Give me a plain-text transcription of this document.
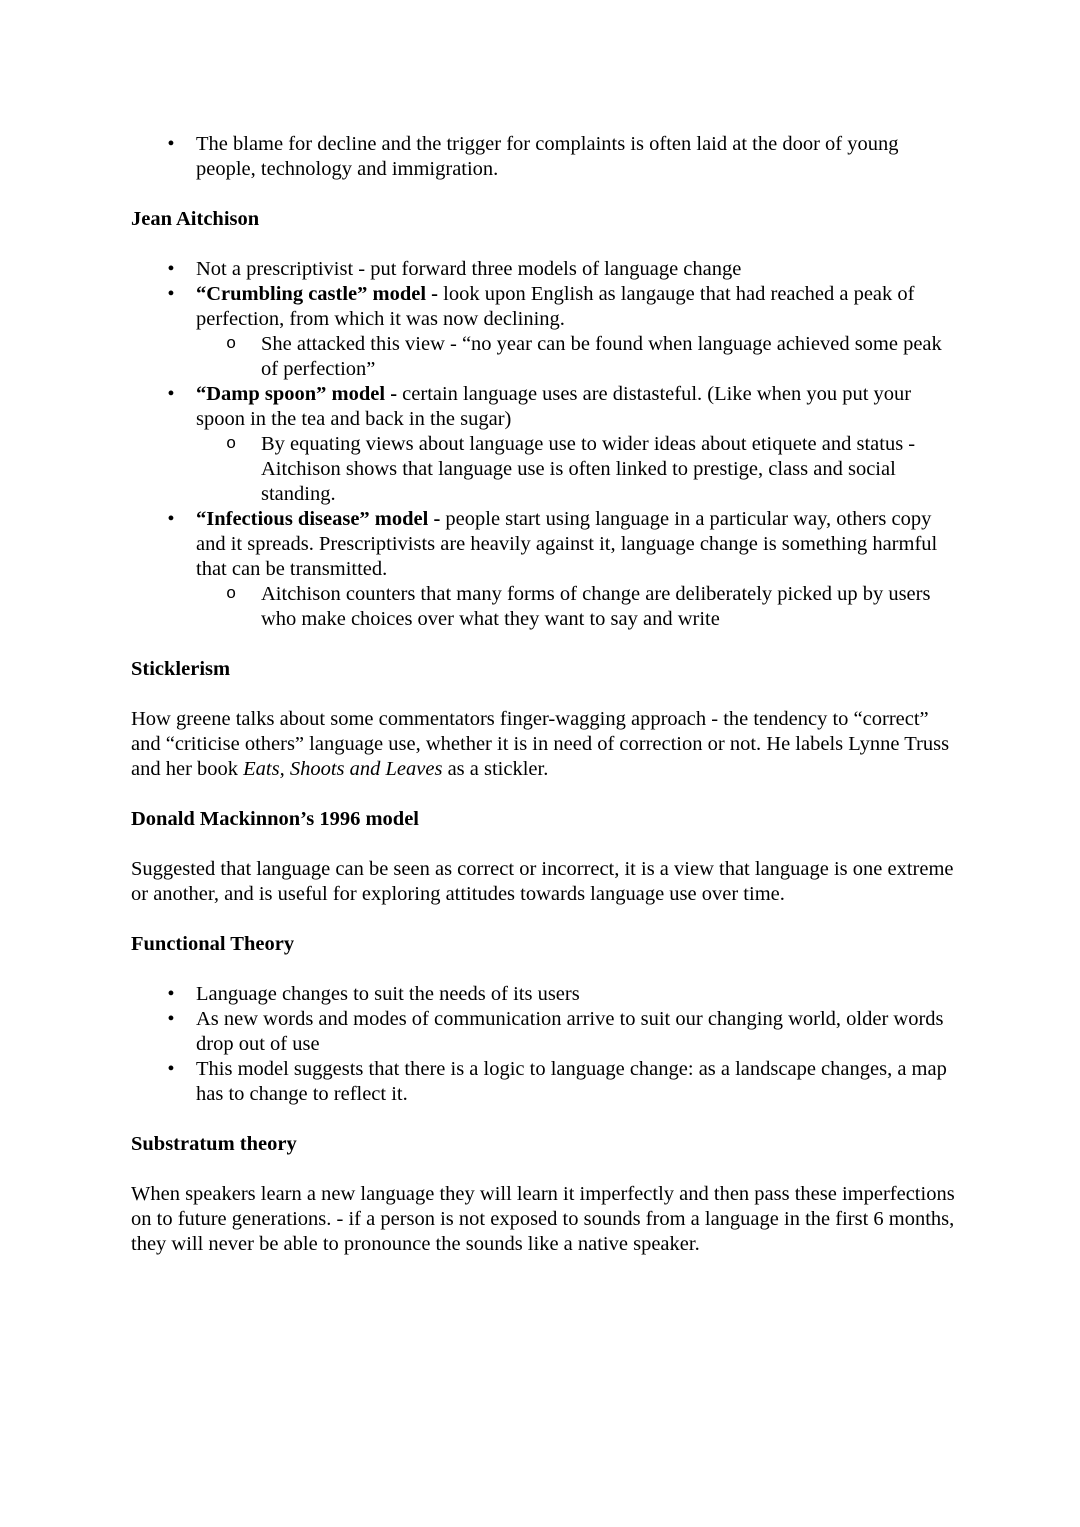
• The blame for decline and the trigger for complaints is often laid at the door of young people, technology and immigration.

Jean Aitchison

• Not a prescriptivist - put forward three models of language change
• “Crumbling castle” model - look upon English as langauge that had reached a peak of perfection, from which it was now declining.
o She attacked this view - “no year can be found when language achieved some peak of perfection”
• “Damp spoon” model - certain language uses are distasteful. (Like when you put your spoon in the tea and back in the sugar)
o By equating views about language use to wider ideas about etiquete and status - Aitchison shows that language use is often linked to prestige, class and social standing.
• “Infectious disease” model - people start using language in a particular way, others copy and it spreads. Prescriptivists are heavily against it, language change is something harmful that can be transmitted.
o Aitchison counters that many forms of change are deliberately picked up by users who make choices over what they want to say and write

Sticklerism

How greene talks about some commentators finger-wagging approach - the tendency to “correct” and “criticise others” language use, whether it is in need of correction or not. He labels Lynne Truss and her book Eats, Shoots and Leaves as a stickler.

Donald Mackinnon’s 1996 model

Suggested that language can be seen as correct or incorrect, it is a view that language is one extreme or another, and is useful for exploring attitudes towards language use over time.

Functional Theory

• Language changes to suit the needs of its users
• As new words and modes of communication arrive to suit our changing world, older words drop out of use
• This model suggests that there is a logic to language change: as a landscape changes, a map has to change to reflect it.

Substratum theory

When speakers learn a new language they will learn it imperfectly and then pass these imperfections on to future generations. - if a person is not exposed to sounds from a language in the first 6 months, they will never be able to pronounce the sounds like a native speaker.
